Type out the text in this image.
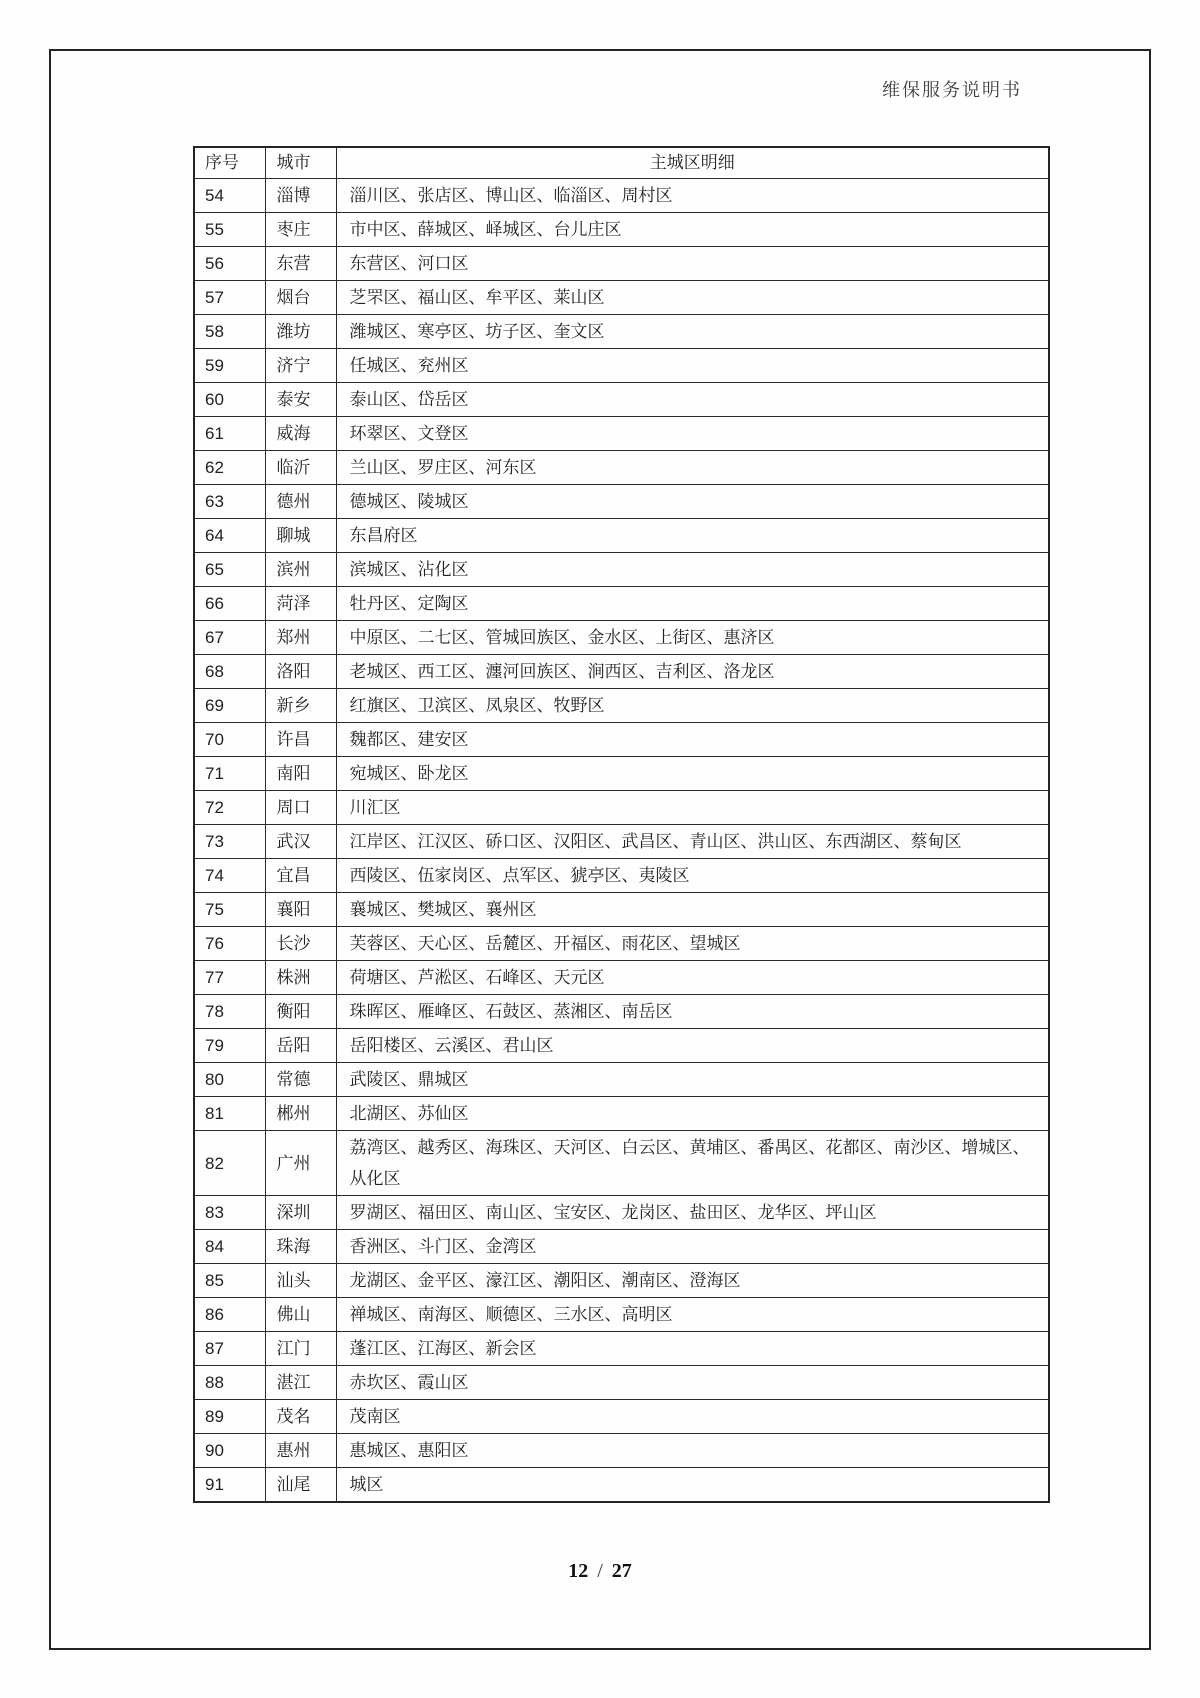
维保服务说明书
序号	城市	主城区明细
54	淄博	淄川区、张店区、博山区、临淄区、周村区
55	枣庄	市中区、薛城区、峄城区、台儿庄区
56	东营	东营区、河口区
57	烟台	芝罘区、福山区、牟平区、莱山区
58	潍坊	潍城区、寒亭区、坊子区、奎文区
59	济宁	任城区、兖州区
60	泰安	泰山区、岱岳区
61	威海	环翠区、文登区
62	临沂	兰山区、罗庄区、河东区
63	德州	德城区、陵城区
64	聊城	东昌府区
65	滨州	滨城区、沾化区
66	菏泽	牡丹区、定陶区
67	郑州	中原区、二七区、管城回族区、金水区、上街区、惠济区
68	洛阳	老城区、西工区、瀍河回族区、涧西区、吉利区、洛龙区
69	新乡	红旗区、卫滨区、凤泉区、牧野区
70	许昌	魏都区、建安区
71	南阳	宛城区、卧龙区
72	周口	川汇区
73	武汉	江岸区、江汉区、硚口区、汉阳区、武昌区、青山区、洪山区、东西湖区、蔡甸区
74	宜昌	西陵区、伍家岗区、点军区、猇亭区、夷陵区
75	襄阳	襄城区、樊城区、襄州区
76	长沙	芙蓉区、天心区、岳麓区、开福区、雨花区、望城区
77	株洲	荷塘区、芦淞区、石峰区、天元区
78	衡阳	珠晖区、雁峰区、石鼓区、蒸湘区、南岳区
79	岳阳	岳阳楼区、云溪区、君山区
80	常德	武陵区、鼎城区
81	郴州	北湖区、苏仙区
82	广州	荔湾区、越秀区、海珠区、天河区、白云区、黄埔区、番禺区、花都区、南沙区、增城区、从化区
83	深圳	罗湖区、福田区、南山区、宝安区、龙岗区、盐田区、龙华区、坪山区
84	珠海	香洲区、斗门区、金湾区
85	汕头	龙湖区、金平区、濠江区、潮阳区、潮南区、澄海区
86	佛山	禅城区、南海区、顺德区、三水区、高明区
87	江门	蓬江区、江海区、新会区
88	湛江	赤坎区、霞山区
89	茂名	茂南区
90	惠州	惠城区、惠阳区
91	汕尾	城区
12 / 27
